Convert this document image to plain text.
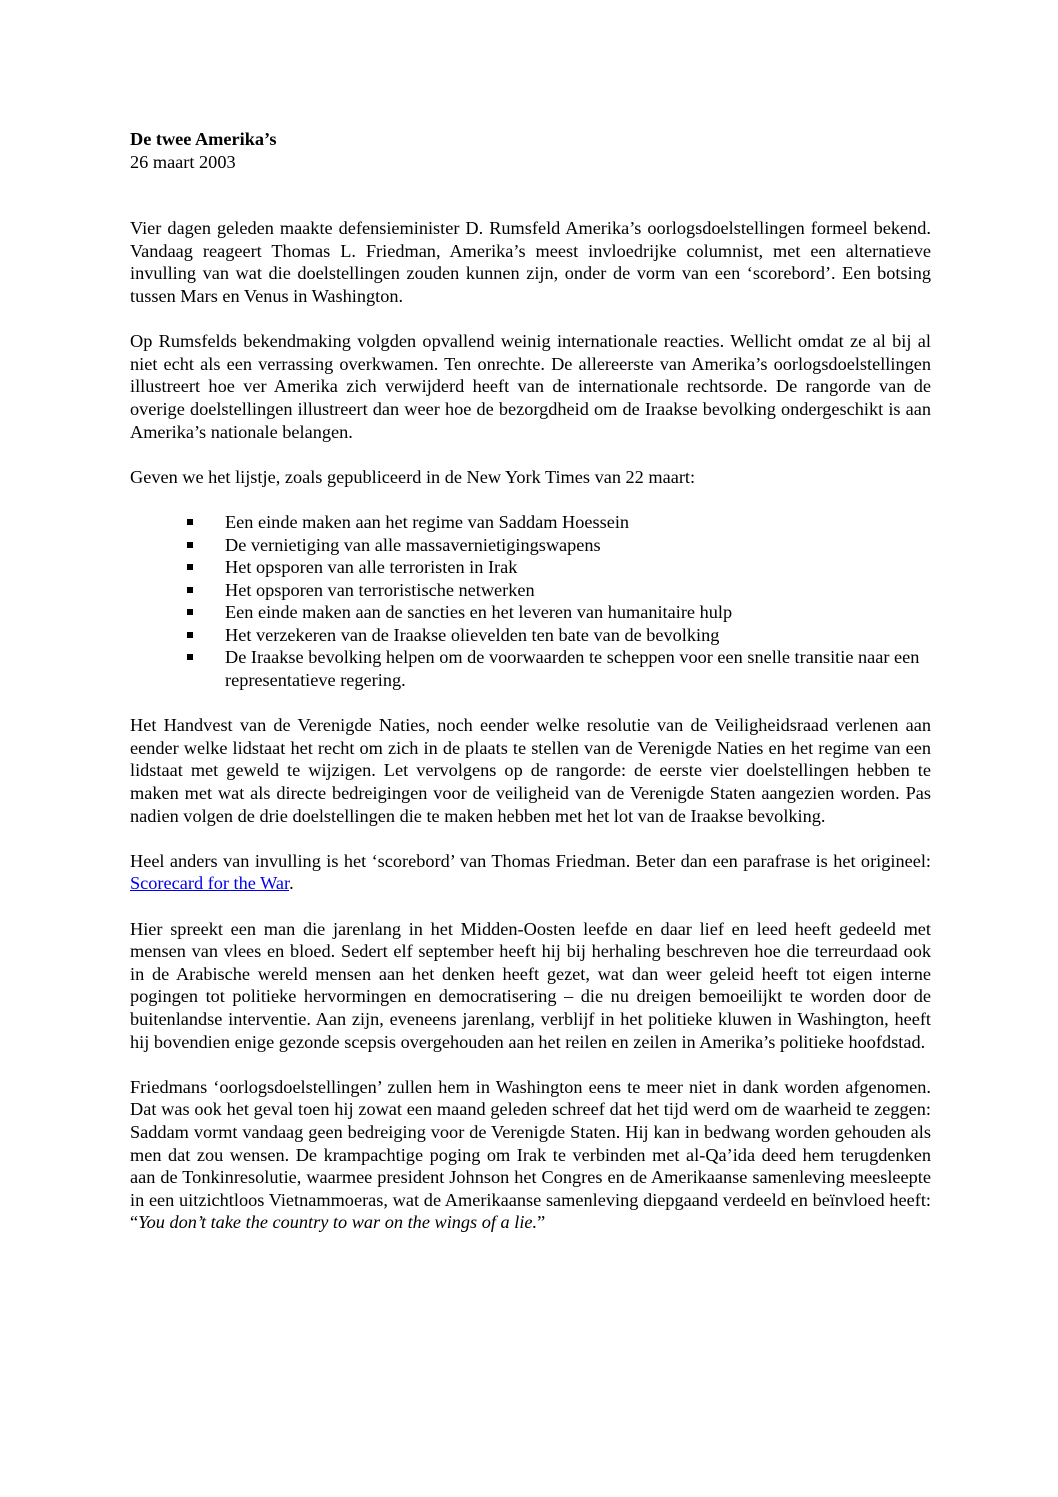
De twee Amerika’s
26 maart 2003

Vier dagen geleden maakte defensieminister D. Rumsfeld Amerika’s oorlogsdoelstellingen formeel bekend. Vandaag reageert Thomas L. Friedman, Amerika’s meest invloedrijke columnist, met een alternatieve invulling van wat die doelstellingen zouden kunnen zijn, onder de vorm van een ‘scorebord’. Een botsing tussen Mars en Venus in Washington.

Op Rumsfelds bekendmaking volgden opvallend weinig internationale reacties. Wellicht omdat ze al bij al niet echt als een verrassing overkwamen. Ten onrechte. De allereerste van Amerika’s oorlogsdoelstellingen illustreert hoe ver Amerika zich verwijderd heeft van de internationale rechtsorde. De rangorde van de overige doelstellingen illustreert dan weer hoe de bezorgdheid om de Iraakse bevolking ondergeschikt is aan Amerika’s nationale belangen.

Geven we het lijstje, zoals gepubliceerd in de New York Times van 22 maart:

Een einde maken aan het regime van Saddam Hoessein
De vernietiging van alle massavernietigingswapens
Het opsporen van alle terroristen in Irak
Het opsporen van terroristische netwerken
Een einde maken aan de sancties en het leveren van humanitaire hulp
Het verzekeren van de Iraakse olievelden ten bate van de bevolking
De Iraakse bevolking helpen om de voorwaarden te scheppen voor een snelle transitie naar een representatieve regering.

Het Handvest van de Verenigde Naties, noch eender welke resolutie van de Veiligheidsraad verlenen aan eender welke lidstaat het recht om zich in de plaats te stellen van de Verenigde Naties en het regime van een lidstaat met geweld te wijzigen. Let vervolgens op de rangorde: de eerste vier doelstellingen hebben te maken met wat als directe bedreigingen voor de veiligheid van de Verenigde Staten aangezien worden. Pas nadien volgen de drie doelstellingen die te maken hebben met het lot van de Iraakse bevolking.

Heel anders van invulling is het ‘scorebord’ van Thomas Friedman. Beter dan een parafrase is het origineel: Scorecard for the War.

Hier spreekt een man die jarenlang in het Midden-Oosten leefde en daar lief en leed heeft gedeeld met mensen van vlees en bloed. Sedert elf september heeft hij bij herhaling beschreven hoe die terreurdaad ook in de Arabische wereld mensen aan het denken heeft gezet, wat dan weer geleid heeft tot eigen interne pogingen tot politieke hervormingen en democratisering – die nu dreigen bemoeilijkt te worden door de buitenlandse interventie. Aan zijn, eveneens jarenlang, verblijf in het politieke kluwen in Washington, heeft hij bovendien enige gezonde scepsis overgehouden aan het reilen en zeilen in Amerika’s politieke hoofdstad.

Friedmans ‘oorlogsdoelstellingen’ zullen hem in Washington eens te meer niet in dank worden afgenomen. Dat was ook het geval toen hij zowat een maand geleden schreef dat het tijd werd om de waarheid te zeggen: Saddam vormt vandaag geen bedreiging voor de Verenigde Staten. Hij kan in bedwang worden gehouden als men dat zou wensen. De krampachtige poging om Irak te verbinden met al-Qa’ida deed hem terugdenken aan de Tonkinresolutie, waarmee president Johnson het Congres en de Amerikaanse samenleving meesleepte in een uitzichtloos Vietnammoeras, wat de Amerikaanse samenleving diepgaand verdeeld en beïnvloed heeft: “You don’t take the country to war on the wings of a lie.”
